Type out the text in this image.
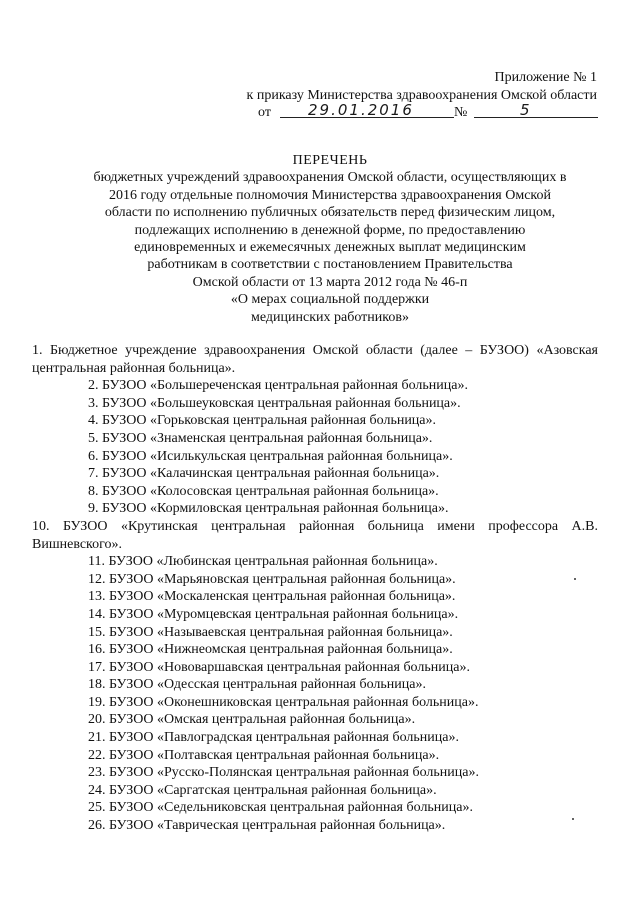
Приложение № 1
к приказу Министерства здравоохранения Омской области
от 29.01.2016	№	5
ПЕРЕЧЕНЬ
бюджетных учреждений здравоохранения Омской области, осуществляющих в
2016 году отдельные полномочия Министерства здравоохранения Омской
области по исполнению публичных обязательств перед физическим лицом,
подлежащих исполнению в денежной форме, по предоставлению
единовременных и ежемесячных денежных выплат медицинским
работникам в соответствии с постановлением Правительства
Омской области от 13 марта 2012 года № 46-п
«О мерах социальной поддержки
медицинских работников»
1. Бюджетное учреждение здравоохранения Омской области (далее – БУЗОО) «Азовская центральная районная больница».
2. БУЗОО «Большереченская центральная районная больница».
3. БУЗОО «Большеуковская центральная районная больница».
4. БУЗОО «Горьковская центральная районная больница».
5. БУЗОО «Знаменская центральная районная больница».
6. БУЗОО «Исилькульская центральная районная больница».
7. БУЗОО «Калачинская центральная районная больница».
8. БУЗОО «Колосовская центральная районная больница».
9. БУЗОО «Кормиловская центральная районная больница».
10. БУЗОО «Крутинская центральная районная больница имени профессора А.В. Вишневского».
11. БУЗОО «Любинская центральная районная больница».
12. БУЗОО «Марьяновская центральная районная больница».
13. БУЗОО «Москаленская центральная районная больница».
14. БУЗОО «Муромцевская центральная районная больница».
15. БУЗОО «Называевская центральная районная больница».
16. БУЗОО «Нижнеомская центральная районная больница».
17. БУЗОО «Нововаршавская центральная районная больница».
18. БУЗОО «Одесская центральная районная больница».
19. БУЗОО «Оконешниковская центральная районная больница».
20. БУЗОО «Омская центральная районная больница».
21. БУЗОО «Павлоградская центральная районная больница».
22. БУЗОО «Полтавская центральная районная больница».
23. БУЗОО «Русско-Полянская центральная районная больница».
24. БУЗОО «Саргатская центральная районная больница».
25. БУЗОО «Седельниковская центральная районная больница».
26. БУЗОО «Таврическая центральная районная больница».
